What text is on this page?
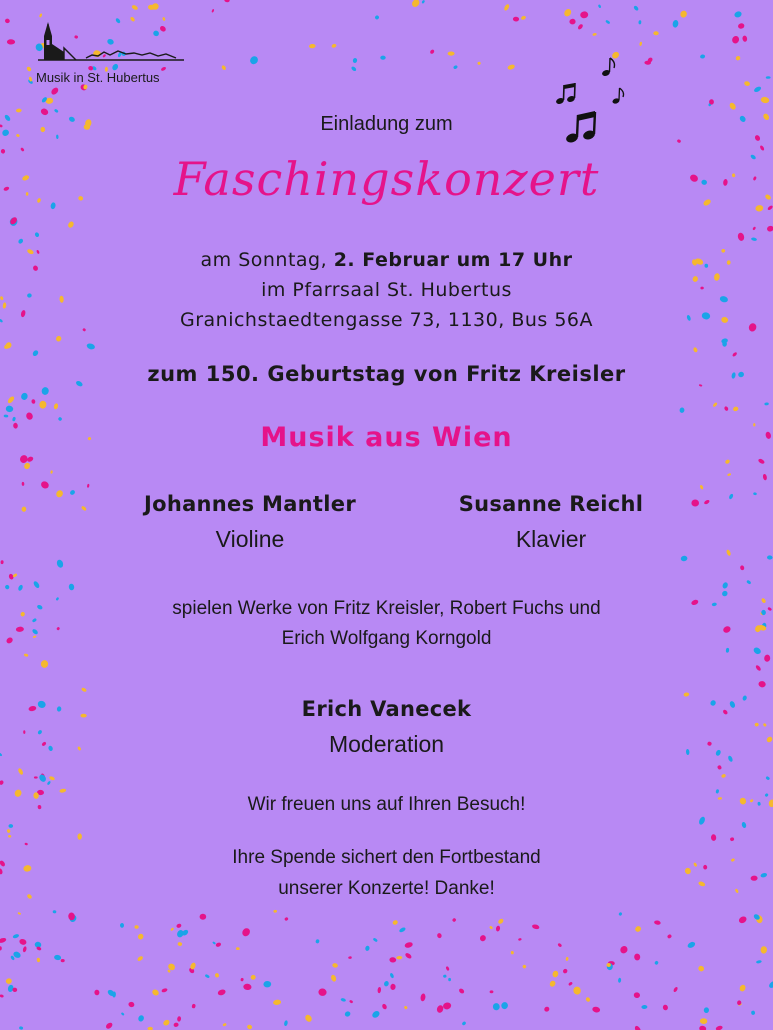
Musik in St. Hubertus
Einladung zum
Faschingskonzert
am Sonntag, 2. Februar um 17 Uhr
im Pfarrsaal St. Hubertus
Granichstaedtengasse 73, 1130, Bus 56A
zum 150. Geburtstag von Fritz Kreisler
Musik aus Wien
Johannes Mantler
Violine
Susanne Reichl
Klavier
spielen Werke von Fritz Kreisler, Robert Fuchs und
Erich Wolfgang Korngold
Erich Vanecek
Moderation
Wir freuen uns auf Ihren Besuch!
Ihre Spende sichert den Fortbestand
unserer Konzerte! Danke!
